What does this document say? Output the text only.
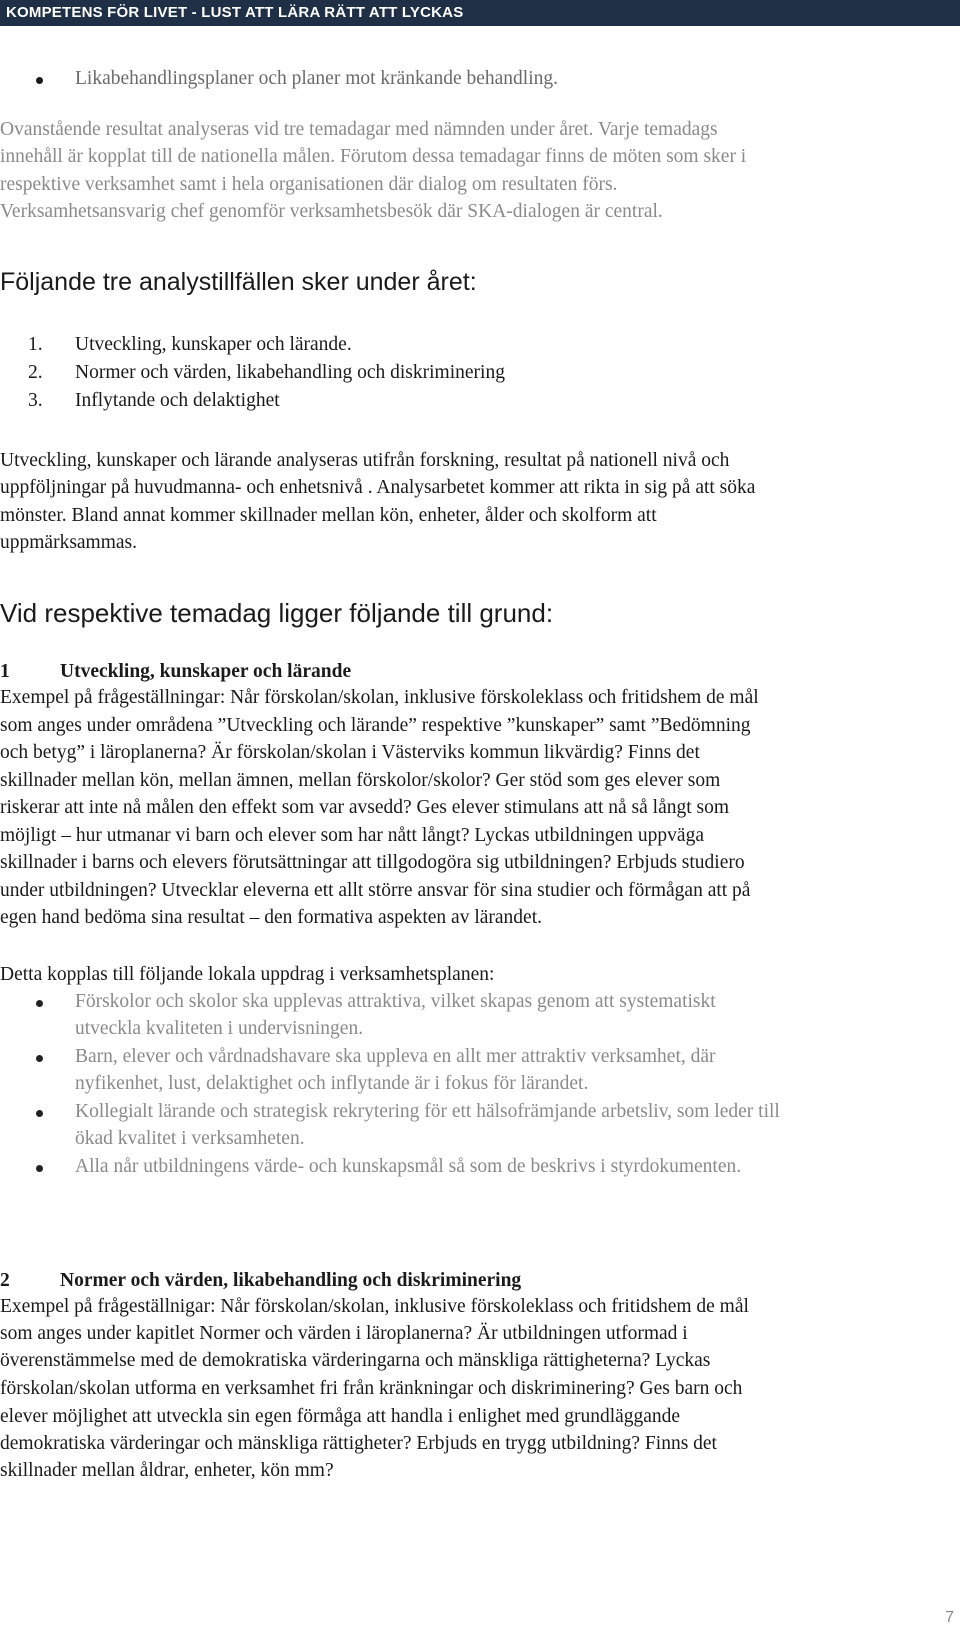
KOMPETENS FÖR LIVET - LUST ATT LÄRA RÄTT ATT LYCKAS
Likabehandlingsplaner och planer mot kränkande behandling.
Ovanstående resultat analyseras vid tre temadagar med nämnden under året. Varje temadags
innehåll är kopplat till de nationella målen. Förutom dessa temadagar finns de möten som sker i
respektive verksamhet samt i hela organisationen där dialog om resultaten förs.
Verksamhetsansvarig chef genomför verksamhetsbesök där SKA-dialogen är central.
Följande tre analystillfällen sker under året:
1. Utveckling, kunskaper och lärande.
2. Normer och värden, likabehandling och diskriminering
3. Inflytande och delaktighet
Utveckling, kunskaper och lärande analyseras utifrån forskning, resultat på nationell nivå och
uppföljningar på huvudmanna- och enhetsnivå . Analysarbetet kommer att rikta in sig på att söka
mönster. Bland annat kommer skillnader mellan kön, enheter, ålder och skolform att
uppmärksammas.
Vid respektive temadag ligger följande till grund:
1	Utveckling, kunskaper och lärande
Exempel på frågeställningar: Når förskolan/skolan, inklusive förskoleklass och fritidshem de mål
som anges under områdena ”Utveckling och lärande” respektive ”kunskaper” samt ”Bedömning
och betyg” i läroplanerna? Är förskolan/skolan i Västerviks kommun likvärdig? Finns det
skillnader mellan kön, mellan ämnen, mellan förskolor/skolor? Ger stöd som ges elever som
riskerar att inte nå målen den effekt som var avsedd? Ges elever stimulans att nå så långt som
möjligt – hur utmanar vi barn och elever som har nått långt? Lyckas utbildningen uppväga
skillnader i barns och elevers förutsättningar att tillgodogöra sig utbildningen? Erbjuds studiero
under utbildningen? Utvecklar eleverna ett allt större ansvar för sina studier och förmågan att på
egen hand bedöma sina resultat – den formativa aspekten av lärandet.
Detta kopplas till följande lokala uppdrag i verksamhetsplanen:
Förskolor och skolor ska upplevas attraktiva, vilket skapas genom att systematiskt
utveckla kvaliteten i undervisningen.
Barn, elever och vårdnadshavare ska uppleva en allt mer attraktiv verksamhet, där
nyfikenhet, lust, delaktighet och inflytande är i fokus för lärandet.
Kollegialt lärande och strategisk rekrytering för ett hälsofrämjande arbetsliv, som leder till
ökad kvalitet i verksamheten.
Alla når utbildningens värde- och kunskapsmål så som de beskrivs i styrdokumenten.
2	Normer och värden, likabehandling och diskriminering
Exempel på frågeställnigar: Når förskolan/skolan, inklusive förskoleklass och fritidshem de mål
som anges under kapitlet Normer och värden i läroplanerna? Är utbildningen utformad i
överenstämmelse med de demokratiska värderingarna och mänskliga rättigheterna? Lyckas
förskolan/skolan utforma en verksamhet fri från kränkningar och diskriminering? Ges barn och
elever möjlighet att utveckla sin egen förmåga att handla i enlighet med grundläggande
demokratiska värderingar och mänskliga rättigheter? Erbjuds en trygg utbildning? Finns det
skillnader mellan åldrar, enheter, kön mm?
7
